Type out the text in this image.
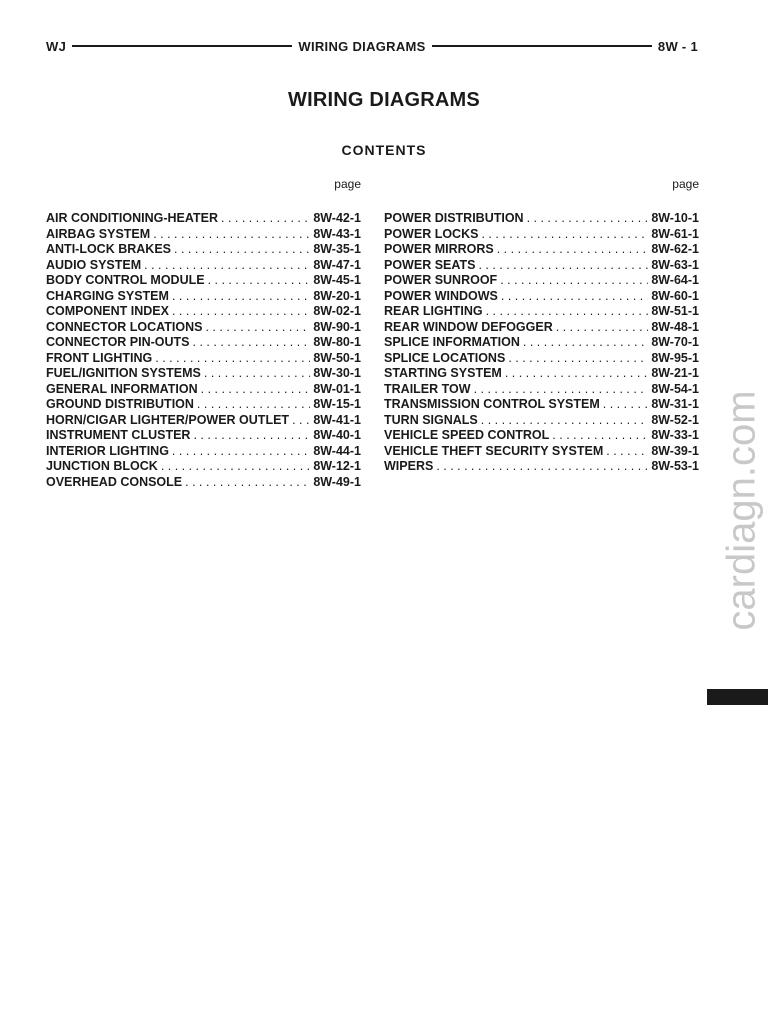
WJ	WIRING DIAGRAMS	8W - 1
WIRING DIAGRAMS
CONTENTS
page
AIR CONDITIONING-HEATER . . .	8W-42-1
AIRBAG SYSTEM . . .	8W-43-1
ANTI-LOCK BRAKES . . .	8W-35-1
AUDIO SYSTEM . . .	8W-47-1
BODY CONTROL MODULE . . .	8W-45-1
CHARGING SYSTEM . . .	8W-20-1
COMPONENT INDEX . . .	8W-02-1
CONNECTOR LOCATIONS . . .	8W-90-1
CONNECTOR PIN-OUTS . . .	8W-80-1
FRONT LIGHTING . . .	8W-50-1
FUEL/IGNITION SYSTEMS . . .	8W-30-1
GENERAL INFORMATION . . .	8W-01-1
GROUND DISTRIBUTION . . .	8W-15-1
HORN/CIGAR LIGHTER/POWER OUTLET . . . 8W-41-1
INSTRUMENT CLUSTER . . .	8W-40-1
INTERIOR LIGHTING . . .	8W-44-1
JUNCTION BLOCK . . .	8W-12-1
OVERHEAD CONSOLE . . .	8W-49-1
page
POWER DISTRIBUTION . . .	8W-10-1
POWER LOCKS . . .	8W-61-1
POWER MIRRORS . . .	8W-62-1
POWER SEATS . . .	8W-63-1
POWER SUNROOF . . .	8W-64-1
POWER WINDOWS . . .	8W-60-1
REAR LIGHTING . . .	8W-51-1
REAR WINDOW DEFOGGER . . .	8W-48-1
SPLICE INFORMATION . . .	8W-70-1
SPLICE LOCATIONS . . .	8W-95-1
STARTING SYSTEM . . .	8W-21-1
TRAILER TOW . . .	8W-54-1
TRANSMISSION CONTROL SYSTEM . . .	8W-31-1
TURN SIGNALS . . .	8W-52-1
VEHICLE SPEED CONTROL . . .	8W-33-1
VEHICLE THEFT SECURITY SYSTEM . . .	8W-39-1
WIPERS . . .	8W-53-1 cardiagn.com
